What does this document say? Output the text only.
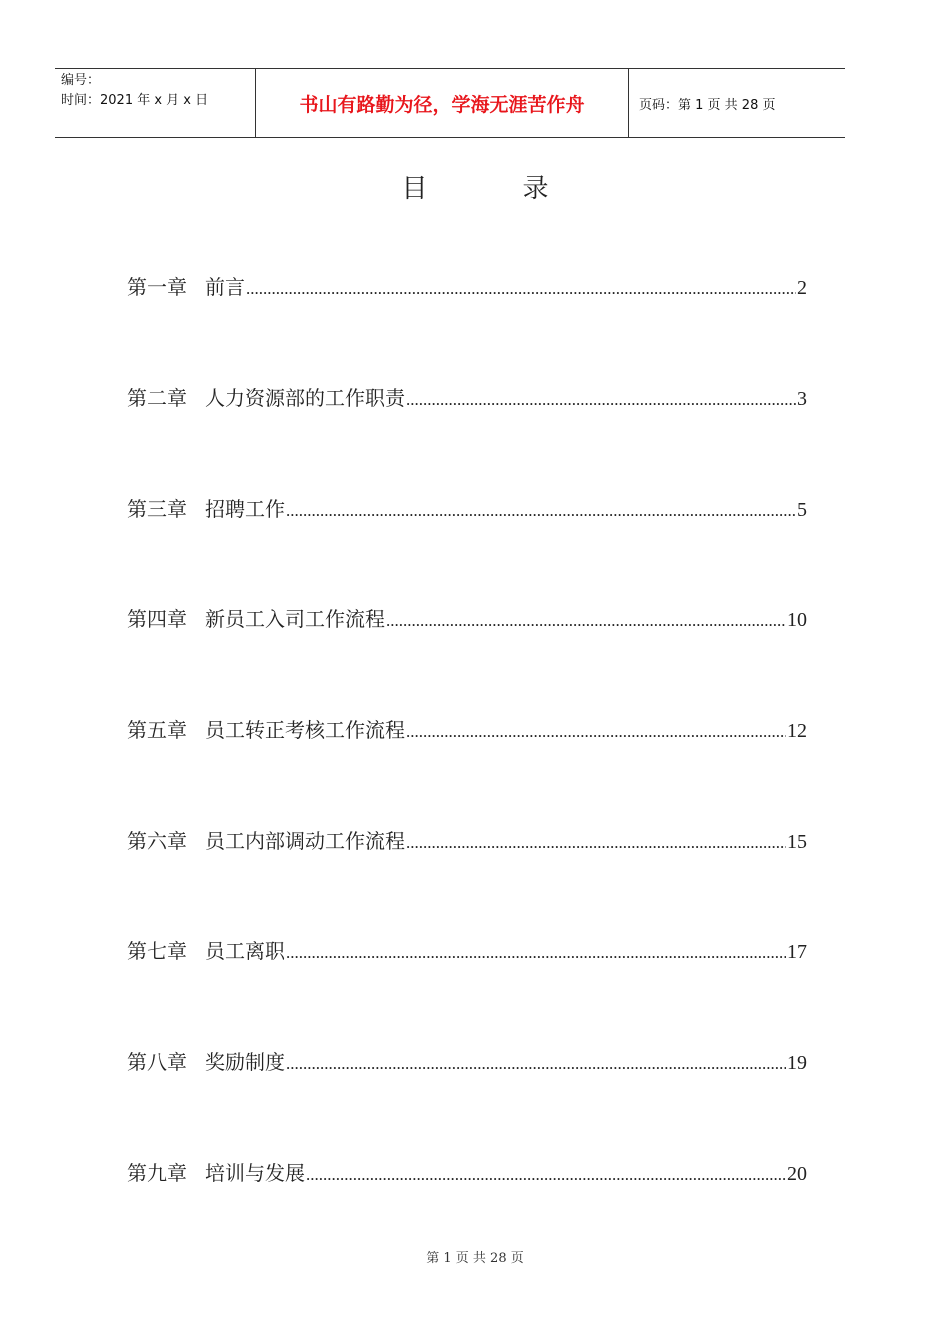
编号：
时间：2021 年 x 月 x 日	书山有路勤为径，学海无涯苦作舟	页码：第 1 页 共 28 页
目	录
第一章 前言 .....	2
第二章 人力资源部的工作职责 .....	3
第三章 招聘工作 .....	5
第四章 新员工入司工作流程 .....	10
第五章 员工转正考核工作流程 .....	12
第六章 员工内部调动工作流程 .....	15
第七章 员工离职 .....	17
第八章 奖励制度 .....	19
第九章 培训与发展 .....	20
第 1 页 共 28 页
